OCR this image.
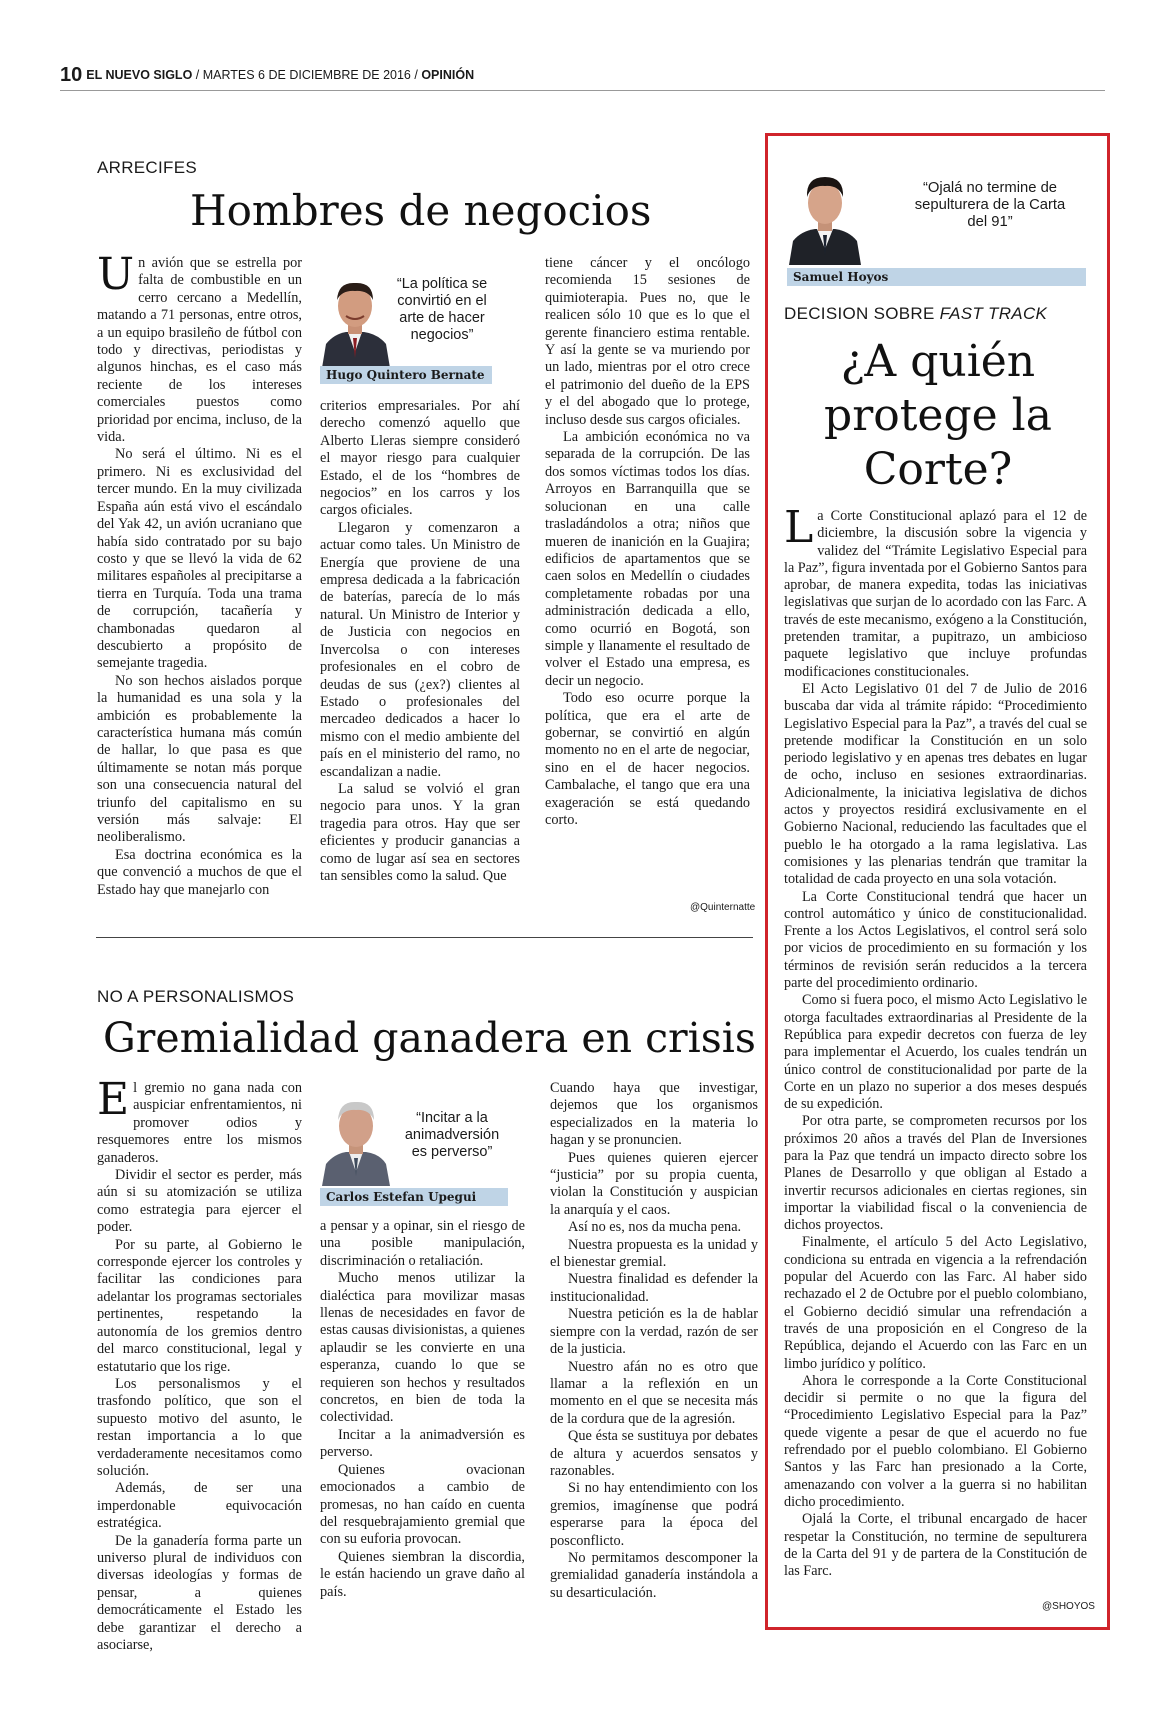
10 EL NUEVO SIGLO / MARTES 6 DE DICIEMBRE DE 2016 / OPINIÓN
ARRECIFES
Hombres de negocios

Un avión que se estrella por falta de combustible en un cerro cercano a Medellín, matando a 71 personas, entre otros, a un equipo brasileño de fútbol con todo y directivas, periodistas y algunos hinchas, es el caso más reciente de los intereses comerciales puestos como prioridad por encima, incluso, de la vida.

No será el último. Ni es el primero. Ni es exclusividad del tercer mundo. En la muy civilizada España aún está vivo el escándalo del Yak 42, un avión ucraniano que había sido contratado por su bajo costo y que se llevó la vida de 62 militares españoles al precipitarse a tierra en Turquía. Toda una trama de corrupción, tacañería y chambonadas quedaron al descubierto a propósito de semejante tragedia.

No son hechos aislados porque la humanidad es una sola y la ambición es probablemente la característica humana más común de hallar, lo que pasa es que últimamente se notan más porque son una consecuencia natural del triunfo del capitalismo en su versión más salvaje: El neoliberalismo.

Esa doctrina económica es la que convenció a muchos de que el Estado hay que manejarlo con

“La política se convirtió en el arte de hacer negocios”
Hugo Quintero Bernate

criterios empresariales. Por ahí derecho comenzó aquello que Alberto Lleras siempre consideró el mayor riesgo para cualquier Estado, el de los “hombres de negocios” en los carros y los cargos oficiales.

Llegaron y comenzaron a actuar como tales. Un Ministro de Energía que proviene de una empresa dedicada a la fabricación de baterías, parecía de lo más natural. Un Ministro de Interior y de Justicia con negocios en Invercolsa o con intereses profesionales en el cobro de deudas de sus (¿ex?) clientes al Estado o profesionales del mercadeo dedicados a hacer lo mismo con el medio ambiente del país en el ministerio del ramo, no escandalizan a nadie.

La salud se volvió el gran negocio para unos. Y la gran tragedia para otros. Hay que ser eficientes y producir ganancias a como de lugar así sea en sectores tan sensibles como la salud. Que

tiene cáncer y el oncólogo recomienda 15 sesiones de quimioterapia. Pues no, que le realicen sólo 10 que es lo que el gerente financiero estima rentable. Y así la gente se va muriendo por un lado, mientras por el otro crece el patrimonio del dueño de la EPS y el del abogado que lo protege, incluso desde sus cargos oficiales.

La ambición económica no va separada de la corrupción. De las dos somos víctimas todos los días. Arroyos en Barranquilla que se solucionan en una calle trasladándolos a otra; niños que mueren de inanición en la Guajira; edificios de apartamentos que se caen solos en Medellín o ciudades completamente robadas por una administración dedicada a ello, como ocurrió en Bogotá, son simple y llanamente el resultado de volver el Estado una empresa, es decir un negocio.

Todo eso ocurre porque la política, que era el arte de gobernar, se convirtió en algún momento no en el arte de negociar, sino en el de hacer negocios. Cambalache, el tango que era una exageración se está quedando corto.

@Quinternatte
NO A PERSONALISMOS
Gremialidad ganadera en crisis

El gremio no gana nada con auspiciar enfrentamientos, ni promover odios y resquemores entre los mismos ganaderos.

Dividir el sector es perder, más aún si su atomización se utiliza como estrategia para ejercer el poder.

Por su parte, al Gobierno le corresponde ejercer los controles y facilitar las condiciones para adelantar los programas sectoriales pertinentes, respetando la autonomía de los gremios dentro del marco constitucional, legal y estatutario que los rige.

Los personalismos y el trasfondo político, que son el supuesto motivo del asunto, le restan importancia a lo que verdaderamente necesitamos como solución.

Además, de ser una imperdonable equivocación estratégica.

De la ganadería forma parte un universo plural de individuos con diversas ideologías y formas de pensar, a quienes democráticamente el Estado les debe garantizar el derecho a asociarse,

“Incitar a la animadversión es perverso”
Carlos Estefan Upegui

a pensar y a opinar, sin el riesgo de una posible manipulación, discriminación o retaliación.

Mucho menos utilizar la dialéctica para movilizar masas llenas de necesidades en favor de estas causas divisionistas, a quienes aplaudir se les convierte en una esperanza, cuando lo que se requieren son hechos y resultados concretos, en bien de toda la colectividad.

Incitar a la animadversión es perverso.

Quienes ovacionan emocionados a cambio de promesas, no han caído en cuenta del resquebrajamiento gremial que con su euforia provocan.

Quienes siembran la discordia, le están haciendo un grave daño al país.

Cuando haya que investigar, dejemos que los organismos especializados en la materia lo hagan y se pronuncien.

Pues quienes quieren ejercer “justicia” por su propia cuenta, violan la Constitución y auspician la anarquía y el caos.

Así no es, nos da mucha pena.

Nuestra propuesta es la unidad y el bienestar gremial.

Nuestra finalidad es defender la institucionalidad.

Nuestra petición es la de hablar siempre con la verdad, razón de ser de la justicia.

Nuestro afán no es otro que llamar a la reflexión en un momento en el que se necesita más de la cordura que de la agresión.

Que ésta se sustituya por debates de altura y acuerdos sensatos y razonables.

Si no hay entendimiento con los gremios, imagínense que podrá esperarse para la época del posconflicto.

No permitamos descomponer la gremialidad ganadería instándola a su desarticulación.

“Ojalá no termine de sepulturera de la Carta del 91”
Samuel Hoyos
DECISION SOBRE FAST TRACK
¿A quién
protege la
Corte?

La Corte Constitucional aplazó para el 12 de diciembre, la discusión sobre la vigencia y validez del “Trámite Legislativo Especial para la Paz”, figura inventada por el Gobierno Santos para aprobar, de manera expedita, todas las iniciativas legislativas que surjan de lo acordado con las Farc. A través de este mecanismo, exógeno a la Constitución, pretenden tramitar, a pupitrazo, un ambicioso paquete legislativo que incluye profundas modificaciones constitucionales.

El Acto Legislativo 01 del 7 de Julio de 2016 buscaba dar vida al trámite rápido: “Procedimiento Legislativo Especial para la Paz”, a través del cual se pretende modificar la Constitución en un solo periodo legislativo y en apenas tres debates en lugar de ocho, incluso en sesiones extraordinarias. Adicionalmente, la iniciativa legislativa de dichos actos y proyectos residirá exclusivamente en el Gobierno Nacional, reduciendo las facultades que el pueblo le ha otorgado a la rama legislativa. Las comisiones y las plenarias tendrán que tramitar la totalidad de cada proyecto en una sola votación.

La Corte Constitucional tendrá que hacer un control automático y único de constitucionalidad. Frente a los Actos Legislativos, el control será solo por vicios de procedimiento en su formación y los términos de revisión serán reducidos a la tercera parte del procedimiento ordinario.

Como si fuera poco, el mismo Acto Legislativo le otorga facultades extraordinarias al Presidente de la República para expedir decretos con fuerza de ley para implementar el Acuerdo, los cuales tendrán un único control de constitucionalidad por parte de la Corte en un plazo no superior a dos meses después de su expedición.

Por otra parte, se comprometen recursos por los próximos 20 años a través del Plan de Inversiones para la Paz que tendrá un impacto directo sobre los Planes de Desarrollo y que obligan al Estado a invertir recursos adicionales en ciertas regiones, sin importar la viabilidad fiscal o la conveniencia de dichos proyectos.

Finalmente, el artículo 5 del Acto Legislativo, condiciona su entrada en vigencia a la refrendación popular del Acuerdo con las Farc. Al haber sido rechazado el 2 de Octubre por el pueblo colombiano, el Gobierno decidió simular una refrendación a través de una proposición en el Congreso de la República, dejando el Acuerdo con las Farc en un limbo jurídico y político.

Ahora le corresponde a la Corte Constitucional decidir si permite o no que la figura del “Procedimiento Legislativo Especial para la Paz” quede vigente a pesar de que el acuerdo no fue refrendado por el pueblo colombiano. El Gobierno Santos y las Farc han presionado a la Corte, amenazando con volver a la guerra si no habilitan dicho procedimiento.

Ojalá la Corte, el tribunal encargado de hacer respetar la Constitución, no termine de sepulturera de la Carta del 91 y de partera de la Constitución de las Farc.

@SHOYOS
